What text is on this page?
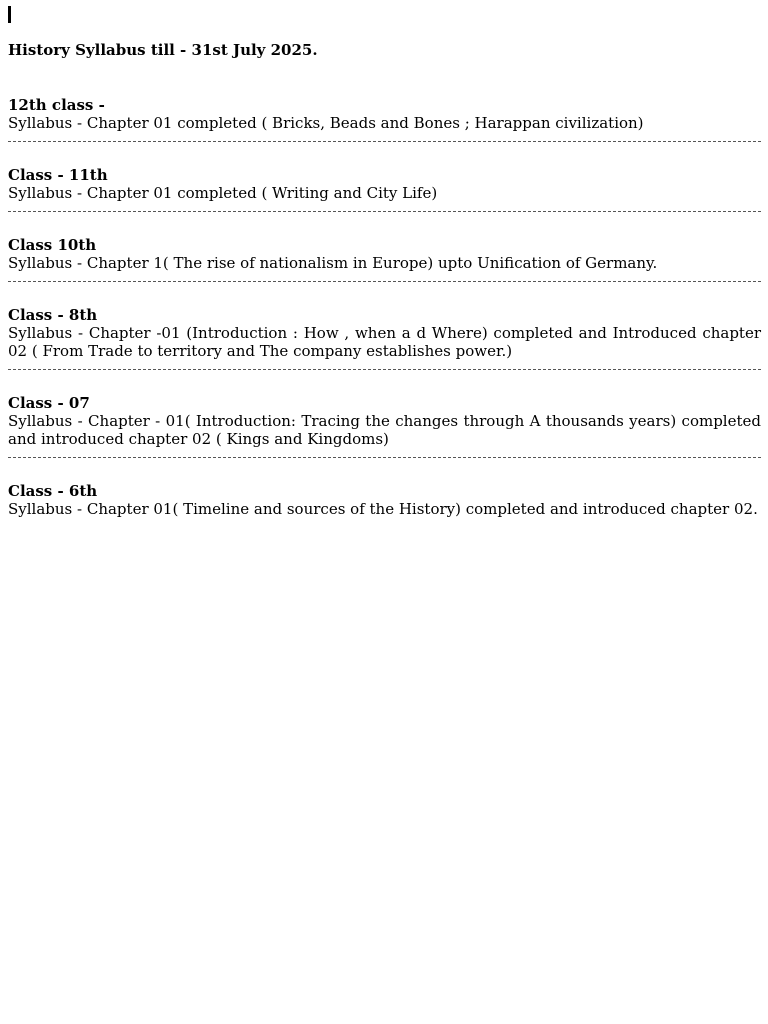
History Syllabus till - 31st July 2025.
12th class -
Syllabus - Chapter 01 completed ( Bricks, Beads and Bones ; Harappan civilization)
Class - 11th
Syllabus - Chapter 01 completed ( Writing and City Life)
Class 10th
Syllabus - Chapter 1( The rise of nationalism in Europe) upto Unification of Germany.
Class - 8th
Syllabus - Chapter -01 (Introduction : How , when a d Where) completed and Introduced chapter 02 ( From Trade to territory and The company establishes power.)
Class - 07
Syllabus - Chapter - 01( Introduction: Tracing the changes through A thousands years) completed and introduced chapter 02 ( Kings and Kingdoms)
Class - 6th
Syllabus - Chapter 01( Timeline and sources of the History) completed and introduced chapter 02.
